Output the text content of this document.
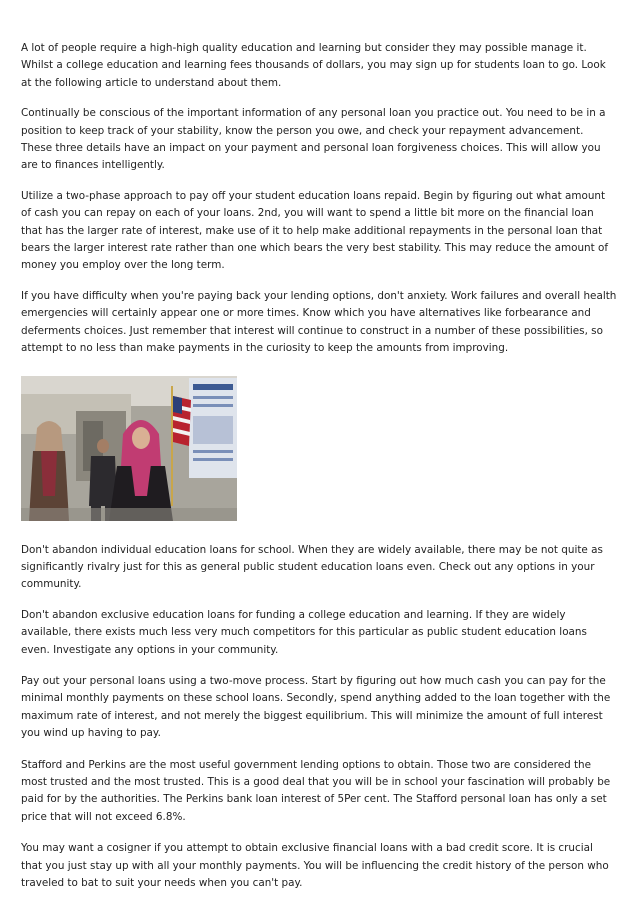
A lot of people require a high-high quality education and learning but consider they may possible manage it. Whilst a college education and learning fees thousands of dollars, you may sign up for students loan to go. Look at the following article to understand about them.

Continually be conscious of the important information of any personal loan you practice out. You need to be in a position to keep track of your stability, know the person you owe, and check your repayment advancement. These three details have an impact on your payment and personal loan forgiveness choices. This will allow you are to finances intelligently.

Utilize a two-phase approach to pay off your student education loans repaid. Begin by figuring out what amount of cash you can repay on each of your loans. 2nd, you will want to spend a little bit more on the financial loan that has the larger rate of interest, make use of it to help make additional repayments in the personal loan that bears the larger interest rate rather than one which bears the very best stability. This may reduce the amount of money you employ over the long term.

If you have difficulty when you're paying back your lending options, don't anxiety. Work failures and overall health emergencies will certainly appear one or more times. Know which you have alternatives like forbearance and deferments choices. Just remember that interest will continue to construct in a number of these possibilities, so attempt to no less than make payments in the curiosity to keep the amounts from improving.

Don't abandon individual education loans for school. When they are widely available, there may be not quite as significantly rivalry just for this as general public student education loans even. Check out any options in your community.

Don't abandon exclusive education loans for funding a college education and learning. If they are widely available, there exists much less very much competitors for this particular as public student education loans even. Investigate any options in your community.

Pay out your personal loans using a two-move process. Start by figuring out how much cash you can pay for the minimal monthly payments on these school loans. Secondly, spend anything added to the loan together with the maximum rate of interest, and not merely the biggest equilibrium. This will minimize the amount of full interest you wind up having to pay.

Stafford and Perkins are the most useful government lending options to obtain. Those two are considered the most trusted and the most trusted. This is a good deal that you will be in school your fascination will probably be paid for by the authorities. The Perkins bank loan interest of 5Per cent. The Stafford personal loan has only a set price that will not exceed 6.8%.

You may want a cosigner if you attempt to obtain exclusive financial loans with a bad credit score. It is crucial that you just stay up with all your monthly payments. You will be influencing the credit history of the person who traveled to bat to suit your needs when you can't pay.
